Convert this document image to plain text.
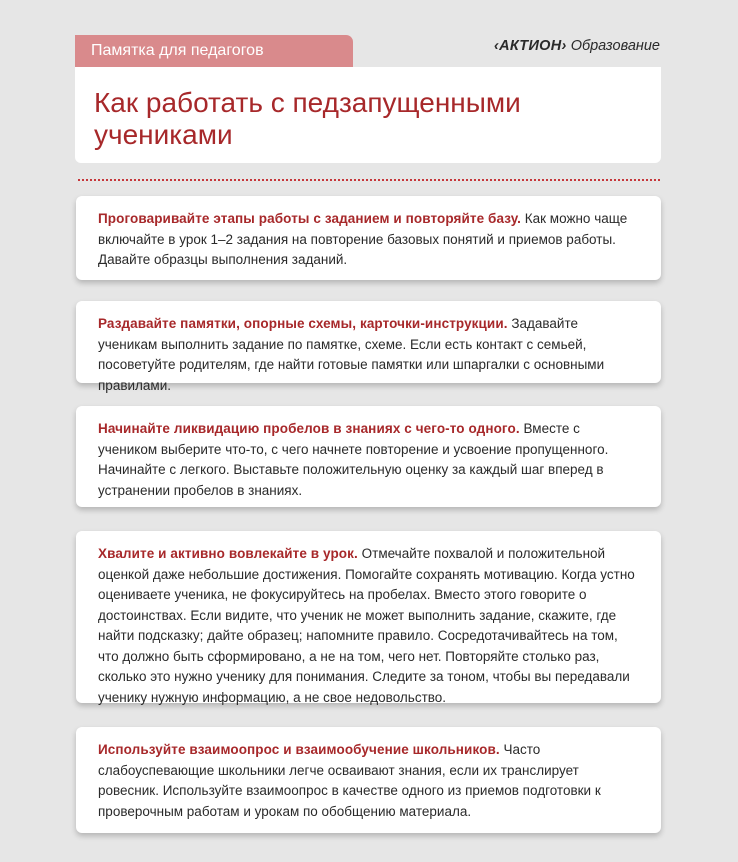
Памятка для педагогов	‹АКТИОН› Образование
Как работать с педзапущенными учениками

Проговаривайте этапы работы с заданием и повторяйте базу. Как можно чаще включайте в урок 1–2 задания на повторение базовых понятий и приемов работы. Давайте образцы выполнения заданий.

Раздавайте памятки, опорные схемы, карточки-инструкции. Задавайте ученикам выполнить задание по памятке, схеме. Если есть контакт с семьей, посоветуйте родителям, где найти готовые памятки или шпаргалки с основными правилами.

Начинайте ликвидацию пробелов в знаниях с чего-то одного. Вместе с учеником выберите что-то, с чего начнете повторение и усвоение пропущенного. Начинайте с легкого. Выставьте положительную оценку за каждый шаг вперед в устранении пробелов в знаниях.

Хвалите и активно вовлекайте в урок. Отмечайте похвалой и положительной оценкой даже небольшие достижения. Помогайте сохранять мотивацию. Когда устно оцениваете ученика, не фокусируйтесь на пробелах. Вместо этого говорите о достоинствах. Если видите, что ученик не может выполнить задание, скажите, где найти подсказку; дайте образец; напомните правило. Сосредотачивайтесь на том, что должно быть сформировано, а не на том, чего нет. Повторяйте столько раз, сколько это нужно ученику для понимания. Следите за тоном, чтобы вы передавали ученику нужную информацию, а не свое недовольство.

Используйте взаимоопрос и взаимообучение школьников. Часто слабоуспевающие школьники легче осваивают знания, если их транслирует ровесник. Используйте взаимоопрос в качестве одного из приемов подготовки к проверочным работам и урокам по обобщению материала.
